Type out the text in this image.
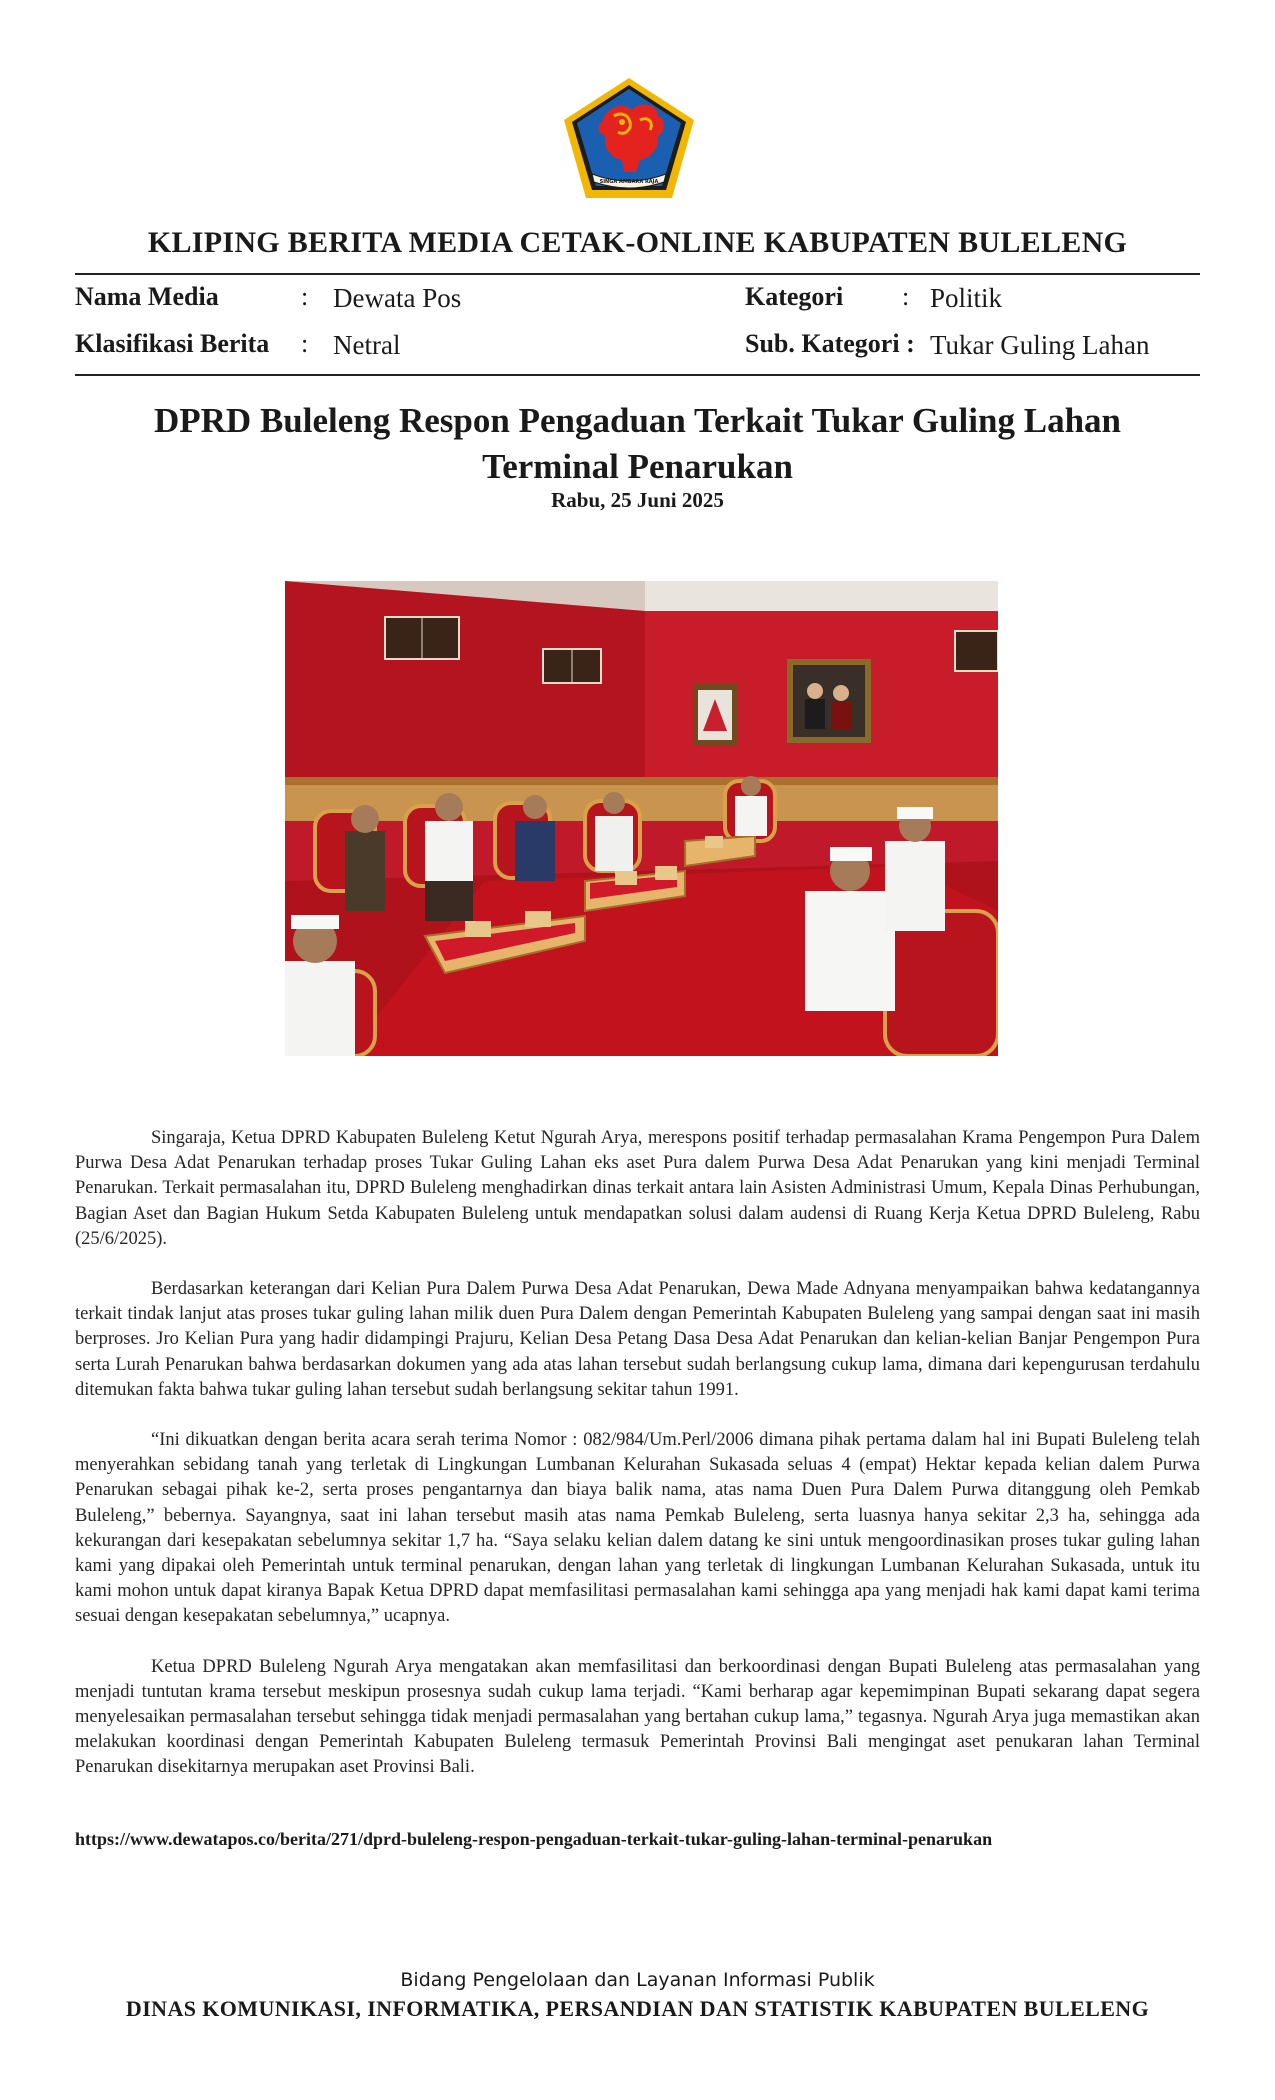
SINGA AMBARA RAJA
KLIPING BERITA MEDIA CETAK-ONLINE KABUPATEN BULELENG
Nama Media	: Dewata Pos	Kategori : Politik
Klasifikasi Berita : Netral	Sub. Kategori : Tukar Guling Lahan
DPRD Buleleng Respon Pengaduan Terkait Tukar Guling Lahan Terminal Penarukan
Rabu, 25 Juni 2025

Singaraja, Ketua DPRD Kabupaten Buleleng Ketut Ngurah Arya, merespons positif terhadap permasalahan Krama Pengempon Pura Dalem Purwa Desa Adat Penarukan terhadap proses Tukar Guling Lahan eks aset Pura dalem Purwa Desa Adat Penarukan yang kini menjadi Terminal Penarukan. Terkait permasalahan itu, DPRD Buleleng menghadirkan dinas terkait antara lain Asisten Administrasi Umum, Kepala Dinas Perhubungan, Bagian Aset dan Bagian Hukum Setda Kabupaten Buleleng untuk mendapatkan solusi dalam audensi di Ruang Kerja Ketua DPRD Buleleng, Rabu (25/6/2025).

Berdasarkan keterangan dari Kelian Pura Dalem Purwa Desa Adat Penarukan, Dewa Made Adnyana menyampaikan bahwa kedatangannya terkait tindak lanjut atas proses tukar guling lahan milik duen Pura Dalem dengan Pemerintah Kabupaten Buleleng yang sampai dengan saat ini masih berproses. Jro Kelian Pura yang hadir didampingi Prajuru, Kelian Desa Petang Dasa Desa Adat Penarukan dan kelian-kelian Banjar Pengempon Pura serta Lurah Penarukan bahwa berdasarkan dokumen yang ada atas lahan tersebut sudah berlangsung cukup lama, dimana dari kepengurusan terdahulu ditemukan fakta bahwa tukar guling lahan tersebut sudah berlangsung sekitar tahun 1991.

“Ini dikuatkan dengan berita acara serah terima Nomor : 082/984/Um.Perl/2006 dimana pihak pertama dalam hal ini Bupati Buleleng telah menyerahkan sebidang tanah yang terletak di Lingkungan Lumbanan Kelurahan Sukasada seluas 4 (empat) Hektar kepada kelian dalem Purwa Penarukan sebagai pihak ke-2, serta proses pengantarnya dan biaya balik nama, atas nama Duen Pura Dalem Purwa ditanggung oleh Pemkab Buleleng,” bebernya. Sayangnya, saat ini lahan tersebut masih atas nama Pemkab Buleleng, serta luasnya hanya sekitar 2,3 ha, sehingga ada kekurangan dari kesepakatan sebelumnya sekitar 1,7 ha. “Saya selaku kelian dalem datang ke sini untuk mengoordinasikan proses tukar guling lahan kami yang dipakai oleh Pemerintah untuk terminal penarukan, dengan lahan yang terletak di lingkungan Lumbanan Kelurahan Sukasada, untuk itu kami mohon untuk dapat kiranya Bapak Ketua DPRD dapat memfasilitasi permasalahan kami sehingga apa yang menjadi hak kami dapat kami terima sesuai dengan kesepakatan sebelumnya,” ucapnya.

Ketua DPRD Buleleng Ngurah Arya mengatakan akan memfasilitasi dan berkoordinasi dengan Bupati Buleleng atas permasalahan yang menjadi tuntutan krama tersebut meskipun prosesnya sudah cukup lama terjadi. “Kami berharap agar kepemimpinan Bupati sekarang dapat segera menyelesaikan permasalahan tersebut sehingga tidak menjadi permasalahan yang bertahan cukup lama,” tegasnya. Ngurah Arya juga memastikan akan melakukan koordinasi dengan Pemerintah Kabupaten Buleleng termasuk Pemerintah Provinsi Bali mengingat aset penukaran lahan Terminal Penarukan disekitarnya merupakan aset Provinsi Bali.

https://www.dewatapos.co/berita/271/dprd-buleleng-respon-pengaduan-terkait-tukar-guling-lahan-terminal-penarukan
Bidang Pengelolaan dan Layanan Informasi Publik
DINAS KOMUNIKASI, INFORMATIKA, PERSANDIAN DAN STATISTIK KABUPATEN BULELENG
